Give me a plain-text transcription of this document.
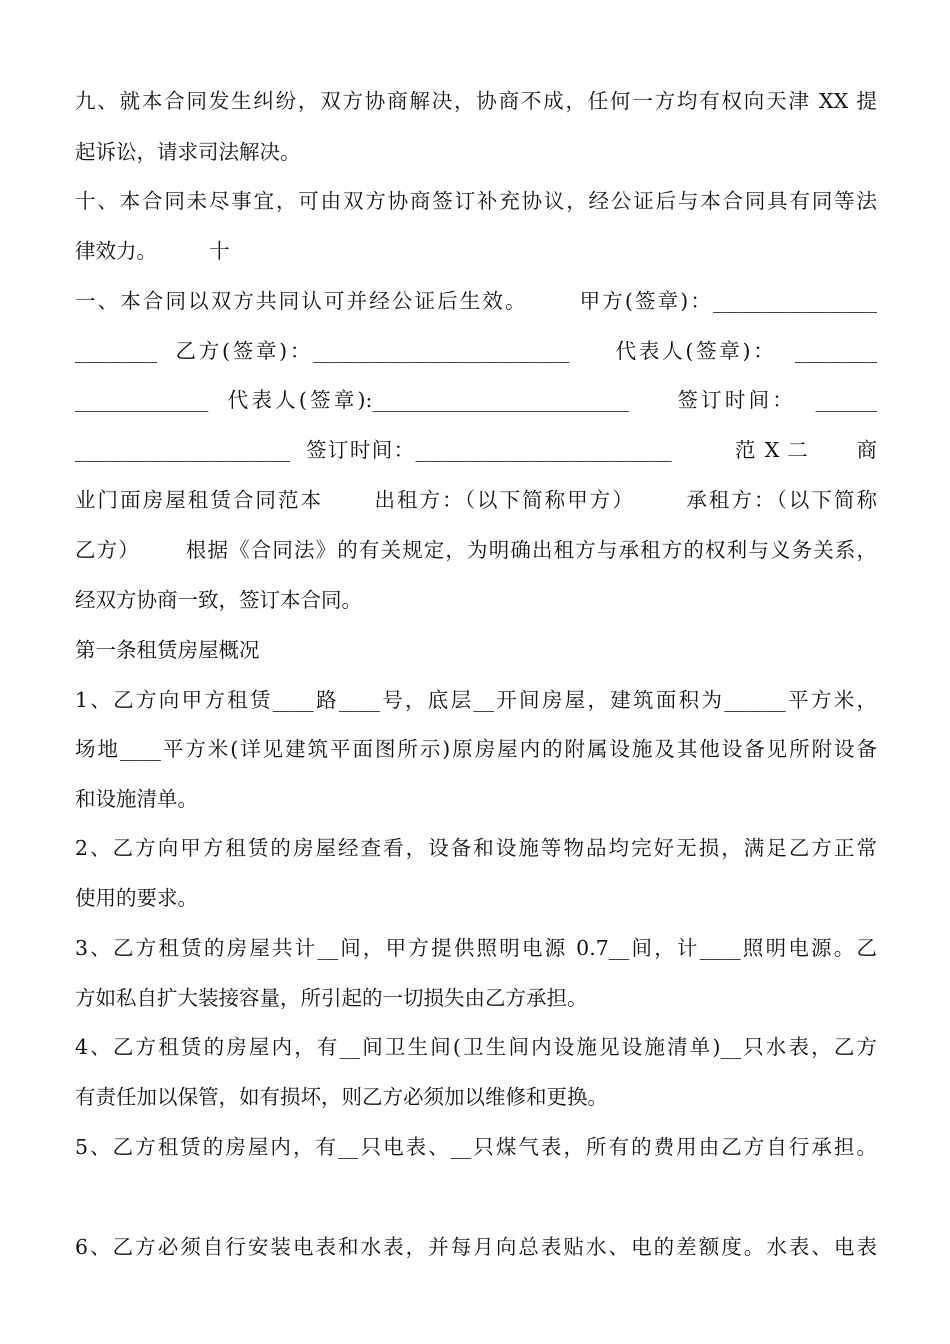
九、就本合同发生纠纷，双方协商解决，协商不成，任何一方均有权向天津 XX 提
起诉讼，请求司法解决。
十、本合同未尽事宜，可由双方协商签订补充协议，经公证后与本合同具有同等法
律效力。        十
一、本合同以双方共同认可并经公证后生效。      甲方(签章)：________________
________  乙方(签章)：_________________________     代表人(签章)：  ________
_____________  代表人(签章):_________________________     签订时间：  ______
_____________________  签订时间：_________________________        范 X 二      商
业门面房屋租赁合同范本      出租方：（以下简称甲方）      承租方：（以下简称
乙方）      根据《合同法》的有关规定，为明确出租方与承租方的权利与义务关系，
经双方协商一致，签订本合同。
第一条租赁房屋概况
1、乙方向甲方租赁____路____号，底层__开间房屋，建筑面积为______平方米，
场地____平方米(详见建筑平面图所示)原房屋内的附属设施及其他设备见所附设备
和设施清单。
2、乙方向甲方租赁的房屋经查看，设备和设施等物品均完好无损，满足乙方正常
使用的要求。
3、乙方租赁的房屋共计__间，甲方提供照明电源 0.7__间，计____照明电源。乙
方如私自扩大装接容量，所引起的一切损失由乙方承担。
4、乙方租赁的房屋内，有__间卫生间(卫生间内设施见设施清单)__只水表，乙方
有责任加以保管，如有损坏，则乙方必须加以维修和更换。
5、乙方租赁的房屋内，有__只电表、__只煤气表，所有的费用由乙方自行承担。
6、乙方必须自行安装电表和水表，并每月向总表贴水、电的差额度。水表、电表
